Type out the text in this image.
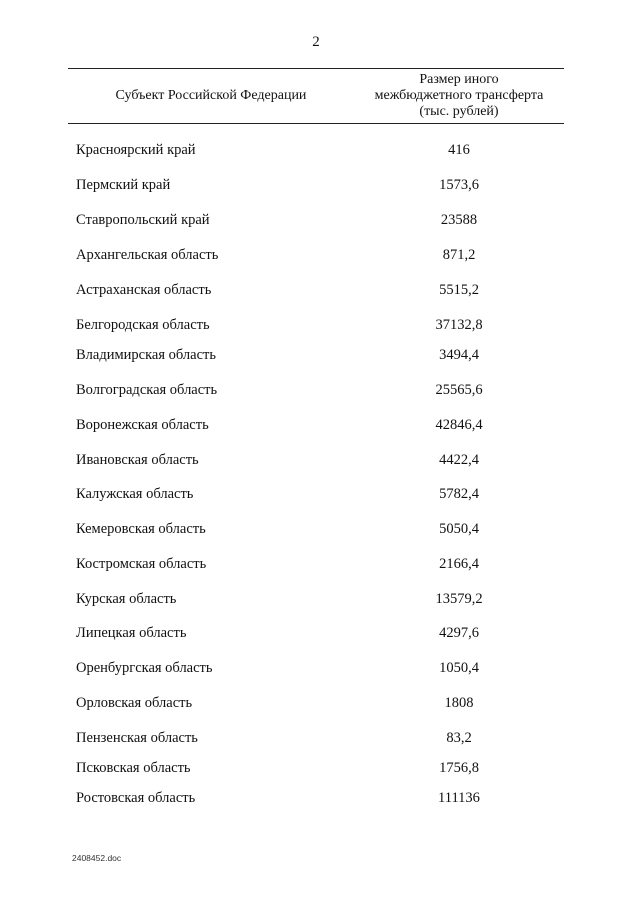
2
Субъект Российской Федерации
Размер иного
межбюджетного трансферта
(тыс. рублей)
Красноярский край	416
Пермский край	1573,6
Ставропольский край	23588
Архангельская область	871,2
Астраханская область	5515,2
Белгородская область	37132,8
Владимирская область	3494,4
Волгоградская область	25565,6
Воронежская область	42846,4
Ивановская область	4422,4
Калужская область	5782,4
Кемеровская область	5050,4
Костромская область	2166,4
Курская область	13579,2
Липецкая область	4297,6
Оренбургская область	1050,4
Орловская область	1808
Пензенская область	83,2
Псковская область	1756,8
Ростовская область	111136
2408452.doc
